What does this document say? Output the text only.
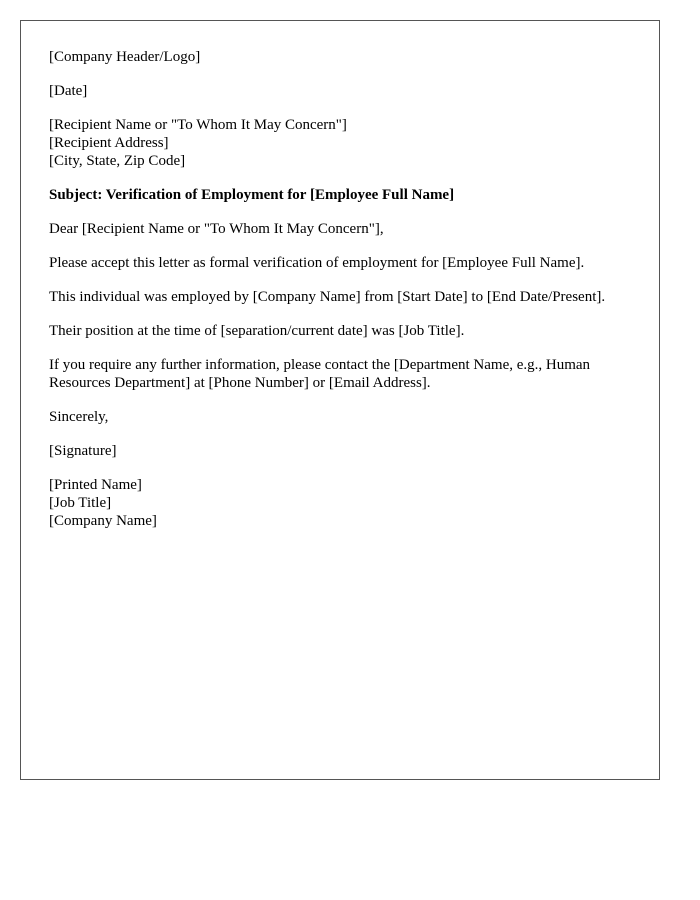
[Company Header/Logo]

[Date]

[Recipient Name or "To Whom It May Concern"]
[Recipient Address]
[City, State, Zip Code]

Subject: Verification of Employment for [Employee Full Name]

Dear [Recipient Name or "To Whom It May Concern"],

Please accept this letter as formal verification of employment for [Employee Full Name].

This individual was employed by [Company Name] from [Start Date] to [End Date/Present].

Their position at the time of [separation/current date] was [Job Title].

If you require any further information, please contact the [Department Name, e.g., Human Resources Department] at [Phone Number] or [Email Address].

Sincerely,

[Signature]

[Printed Name]
[Job Title]
[Company Name]
